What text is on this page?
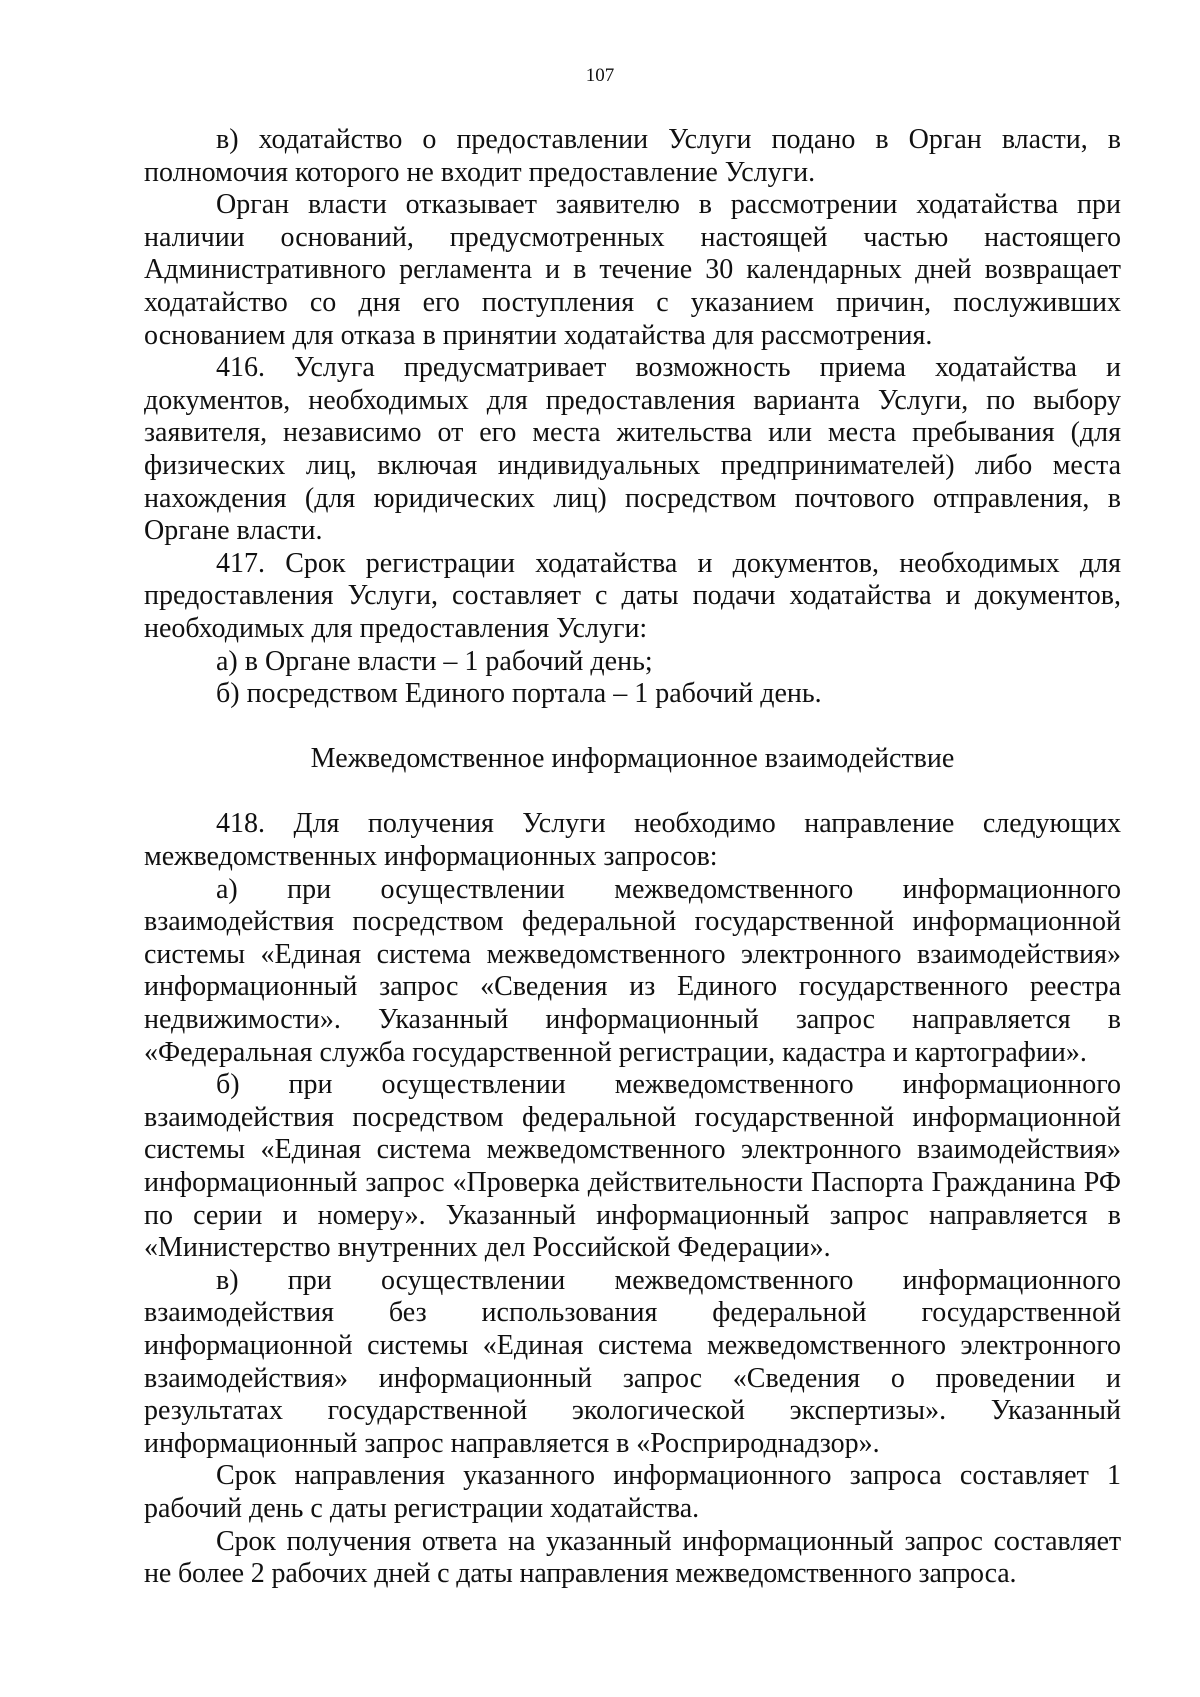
107

в) ходатайство о предоставлении Услуги подано в Орган власти, в полномочия которого не входит предоставление Услуги.

Орган власти отказывает заявителю в рассмотрении ходатайства при наличии оснований, предусмотренных настоящей частью настоящего Административного регламента и в течение 30 календарных дней возвращает ходатайство со дня его поступления с указанием причин, послуживших основанием для отказа в принятии ходатайства для рассмотрения.

416. Услуга предусматривает возможность приема ходатайства и документов, необходимых для предоставления варианта Услуги, по выбору заявителя, независимо от его места жительства или места пребывания (для физических лиц, включая индивидуальных предпринимателей) либо места нахождения (для юридических лиц) посредством почтового отправления, в Органе власти.

417. Срок регистрации ходатайства и документов, необходимых для предоставления Услуги, составляет с даты подачи ходатайства и документов, необходимых для предоставления Услуги:

а) в Органе власти – 1 рабочий день;

б) посредством Единого портала – 1 рабочий день.

Межведомственное информационное взаимодействие

418. Для получения Услуги необходимо направление следующих межведомственных информационных запросов:

а) при осуществлении межведомственного информационного взаимодействия посредством федеральной государственной информационной системы «Единая система межведомственного электронного взаимодействия» информационный запрос «Сведения из Единого государственного реестра недвижимости». Указанный информационный запрос направляется в «Федеральная служба государственной регистрации, кадастра и картографии».

б) при осуществлении межведомственного информационного взаимодействия посредством федеральной государственной информационной системы «Единая система межведомственного электронного взаимодействия» информационный запрос «Проверка действительности Паспорта Гражданина РФ по серии и номеру». Указанный информационный запрос направляется в «Министерство внутренних дел Российской Федерации».

в) при осуществлении межведомственного информационного взаимодействия без использования федеральной государственной информационной системы «Единая система межведомственного электронного взаимодействия» информационный запрос «Сведения о проведении и результатах государственной экологической экспертизы». Указанный информационный запрос направляется в «Росприроднадзор».

Срок направления указанного информационного запроса составляет 1 рабочий день с даты регистрации ходатайства.

Срок получения ответа на указанный информационный запрос составляет не более 2 рабочих дней с даты направления межведомственного запроса.
